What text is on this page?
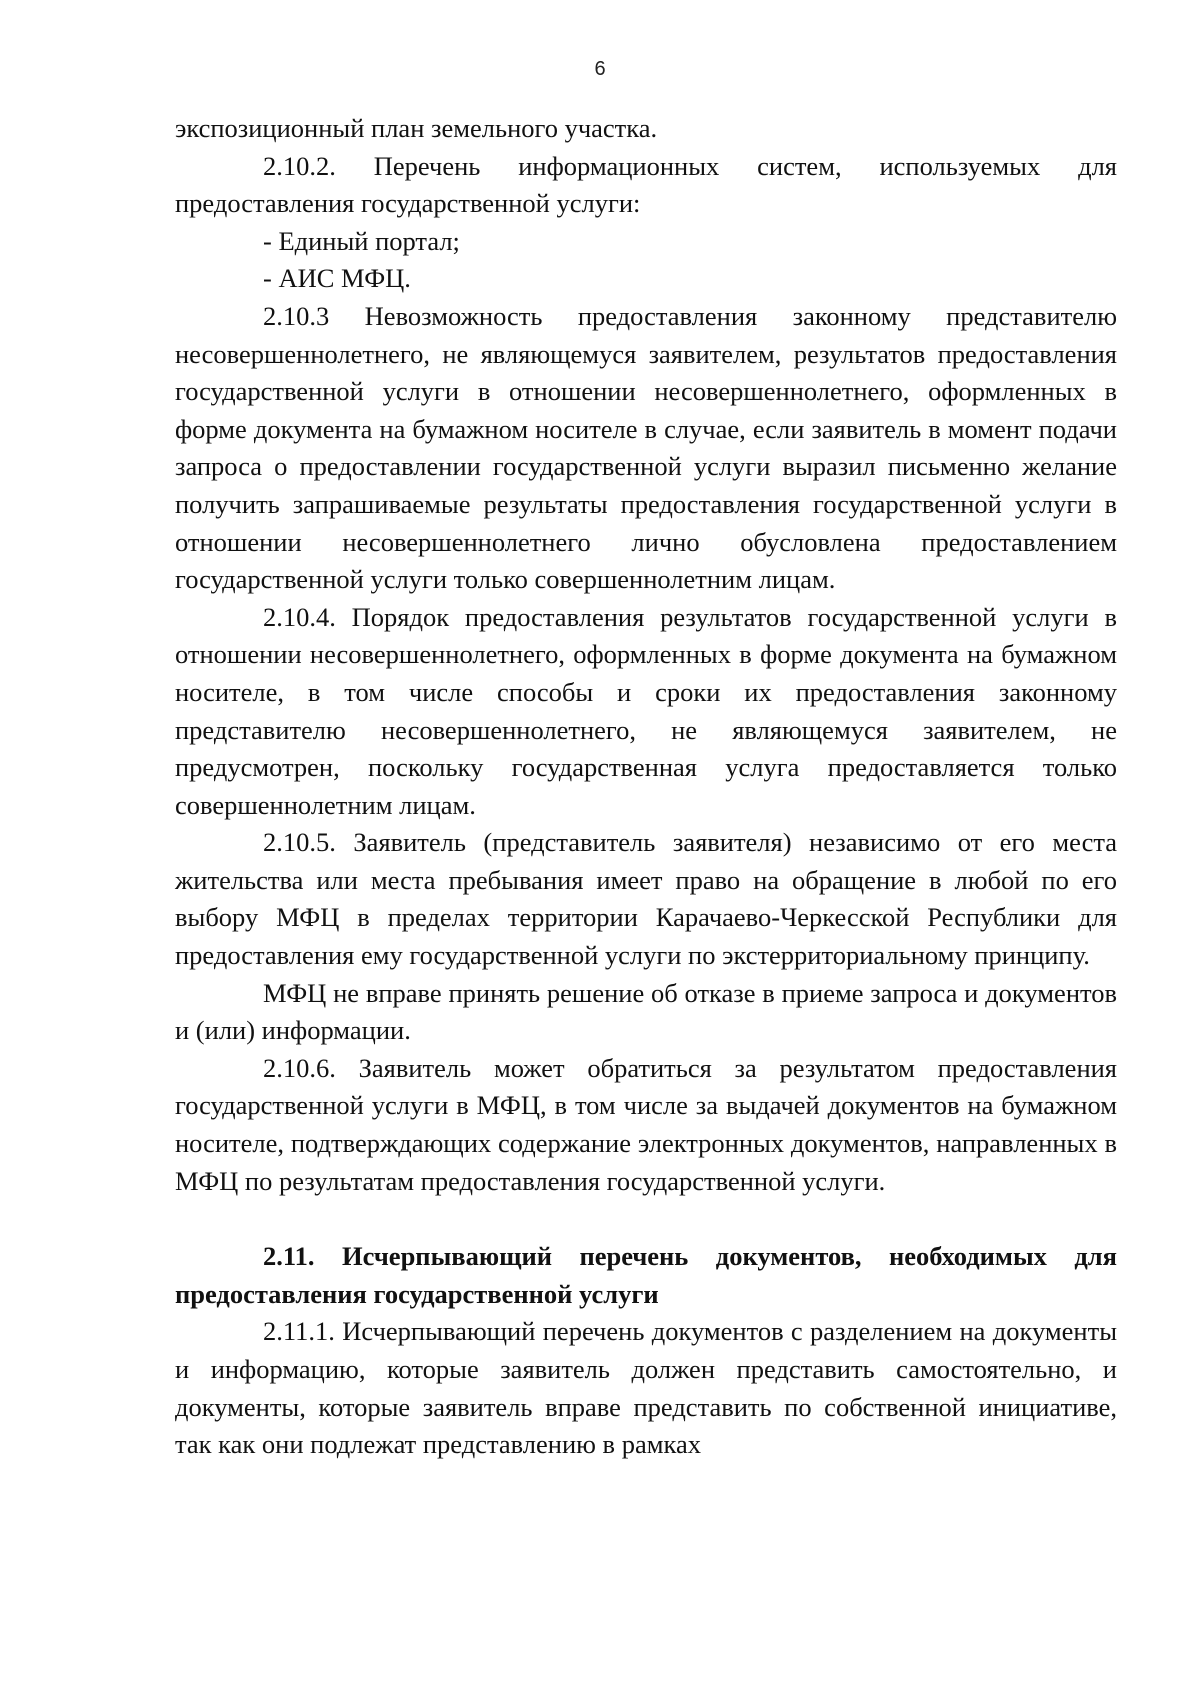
6

экспозиционный план земельного участка.

2.10.2. Перечень информационных систем, используемых для предоставления государственной услуги:

- Единый портал;

- АИС МФЦ.

2.10.3 Невозможность предоставления законному представителю несовершеннолетнего, не являющемуся заявителем, результатов предоставления государственной услуги в отношении несовершеннолетнего, оформленных в форме документа на бумажном носителе в случае, если заявитель в момент подачи запроса о предоставлении государственной услуги выразил письменно желание получить запрашиваемые результаты предоставления государственной услуги в отношении несовершеннолетнего лично обусловлена предоставлением государственной услуги только совершеннолетним лицам.

2.10.4. Порядок предоставления результатов государственной услуги в отношении несовершеннолетнего, оформленных в форме документа на бумажном носителе, в том числе способы и сроки их предоставления законному представителю несовершеннолетнего, не являющемуся заявителем, не предусмотрен, поскольку государственная услуга предоставляется только совершеннолетним лицам.

2.10.5. Заявитель (представитель заявителя) независимо от его места жительства или места пребывания имеет право на обращение в любой по его выбору МФЦ в пределах территории Карачаево-Черкесской Республики для предоставления ему государственной услуги по экстерриториальному принципу.

МФЦ не вправе принять решение об отказе в приеме запроса и документов и (или) информации.

2.10.6. Заявитель может обратиться за результатом предоставления государственной услуги в МФЦ, в том числе за выдачей документов на бумажном носителе, подтверждающих содержание электронных документов, направленных в МФЦ по результатам предоставления государственной услуги.

2.11. Исчерпывающий перечень документов, необходимых для предоставления государственной услуги

2.11.1. Исчерпывающий перечень документов с разделением на документы и информацию, которые заявитель должен представить самостоятельно, и документы, которые заявитель вправе представить по собственной инициативе, так как они подлежат представлению в рамках
